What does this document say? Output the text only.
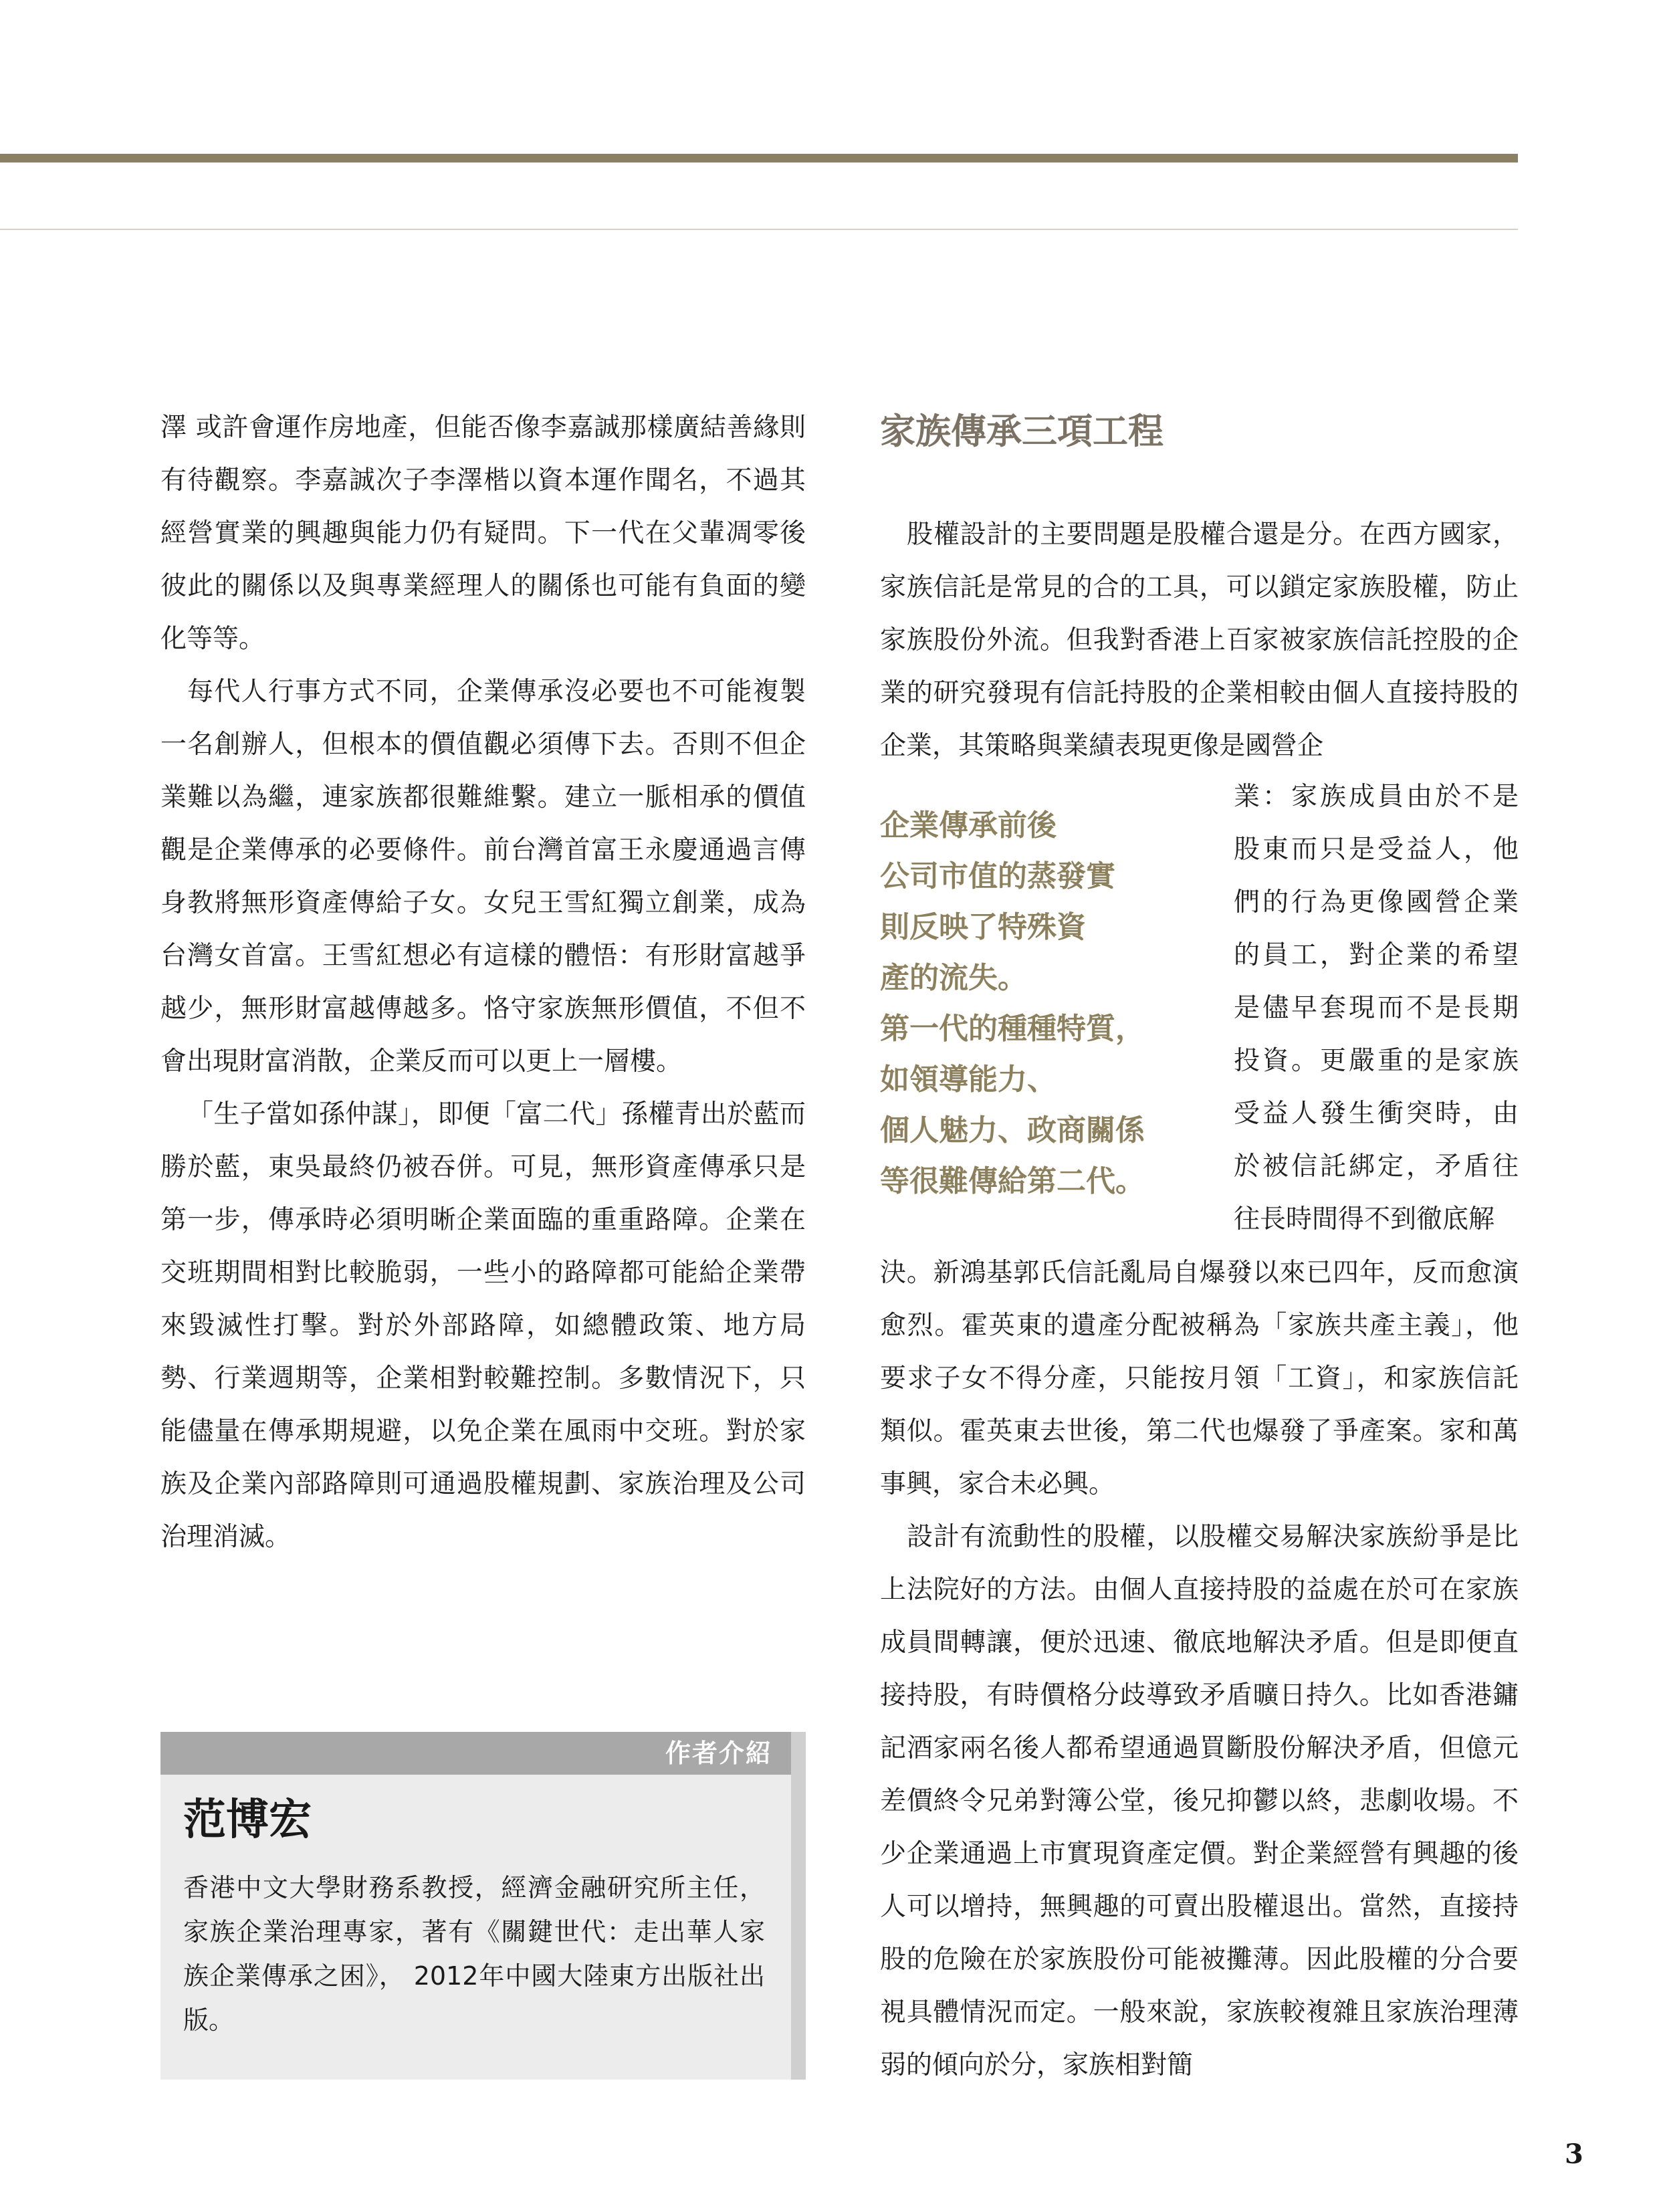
澤 或許會運作房地產，但能否像李嘉誠那樣廣結善緣則有待觀察。李嘉誠次子李澤楷以資本運作聞名，不過其經營實業的興趣與能力仍有疑問。下一代在父輩凋零後彼此的關係以及與專業經理人的關係也可能有負面的變化等等。

每代人行事方式不同，企業傳承沒必要也不可能複製一名創辦人，但根本的價值觀必須傳下去。否則不但企業難以為繼，連家族都很難維繫。建立一脈相承的價值觀是企業傳承的必要條件。前台灣首富王永慶通過言傳身教將無形資產傳給子女。女兒王雪紅獨立創業，成為台灣女首富。王雪紅想必有這樣的體悟：有形財富越爭越少，無形財富越傳越多。恪守家族無形價值，不但不會出現財富消散，企業反而可以更上一層樓。

「生子當如孫仲謀」，即便「富二代」孫權青出於藍而勝於藍，東吳最終仍被吞併。可見，無形資產傳承只是第一步，傳承時必須明晰企業面臨的重重路障。企業在交班期間相對比較脆弱，一些小的路障都可能給企業帶來毀滅性打擊。對於外部路障，如總體政策、地方局勢、行業週期等，企業相對較難控制。多數情況下，只能儘量在傳承期規避，以免企業在風雨中交班。對於家族及企業內部路障則可通過股權規劃、家族治理及公司治理消滅。

家族傳承三項工程

股權設計的主要問題是股權合還是分。在西方國家，家族信託是常見的合的工具，可以鎖定家族股權，防止家族股份外流。但我對香港上百家被家族信託控股的企業的研究發現有信託持股的企業相較由個人直接持股的企業，其策略與業績表現更像是國營企

企業傳承前後
公司市值的蒸發實
則反映了特殊資
產的流失。
第一代的種種特質，
如領導能力、
個人魅力、政商關係
等很難傳給第二代。

業：家族成員由於不是股東而只是受益人，他們的行為更像國營企業的員工，對企業的希望是儘早套現而不是長期投資。更嚴重的是家族受益人發生衝突時，由於被信託綁定，矛盾往往長時間得不到徹底解

決。新鴻基郭氏信託亂局自爆發以來已四年，反而愈演愈烈。霍英東的遺產分配被稱為「家族共產主義」，他要求子女不得分產，只能按月領「工資」，和家族信託類似。霍英東去世後，第二代也爆發了爭產案。家和萬事興，家合未必興。

設計有流動性的股權，以股權交易解決家族紛爭是比上法院好的方法。由個人直接持股的益處在於可在家族成員間轉讓，便於迅速、徹底地解決矛盾。但是即便直接持股，有時價格分歧導致矛盾曠日持久。比如香港鏞記酒家兩名後人都希望通過買斷股份解決矛盾，但億元差價終令兄弟對簿公堂，後兄抑鬱以終，悲劇收場。不少企業通過上市實現資產定價。對企業經營有興趣的後人可以增持，無興趣的可賣出股權退出。當然，直接持股的危險在於家族股份可能被攤薄。因此股權的分合要視具體情況而定。一般來說，家族較複雜且家族治理薄弱的傾向於分，家族相對簡

作者介紹
范博宏

香港中文大學財務系教授，經濟金融研究所主任，家族企業治理專家，著有《關鍵世代：走出華人家族企業傳承之困》， 2012年中國大陸東方出版社出版。

3
